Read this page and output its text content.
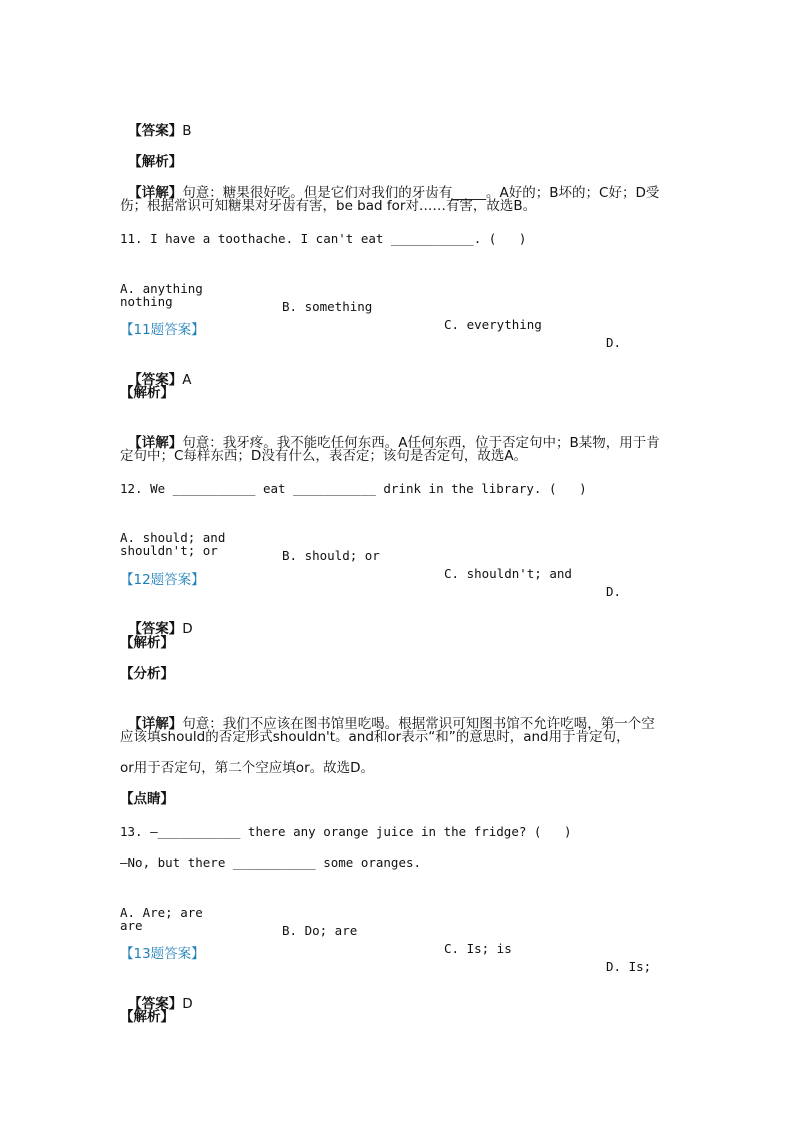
【答案】B

【解析】

【详解】句意：糖果很好吃。但是它们对我们的牙齿有_____。A好的；B坏的；C好；D受

伤；根据常识可知糖果对牙齿有害，be bad for对……有害，故选B。
11. I have a toothache. I can't eat ___________. (   )

A. anything

B. something

C. everything

D.

nothing
【11题答案】

【答案】A

【解析】

【详解】句意：我牙疼。我不能吃任何东西。A任何东西，位于否定句中；B某物，用于肯

定句中；C每样东西；D没有什么，表否定；该句是否定句，故选A。
12. We ___________ eat ___________ drink in the library. (   )

A. should; and

B. should; or

C. shouldn't; and

D.

shouldn't; or
【12题答案】

【答案】D

【解析】
【分析】

【详解】句意：我们不应该在图书馆里吃喝。根据常识可知图书馆不允许吃喝，第一个空

应该填should的否定形式shouldn't。and和or表示“和”的意思时，and用于肯定句，
or用于否定句，第二个空应填or。故选D。
【点睛】
13. —___________ there any orange juice in the fridge? (   )
—No, but there ___________ some oranges.

A. Are; are

B. Do; are

C. Is; is

D. Is;

are
【13题答案】

【答案】D

【解析】
